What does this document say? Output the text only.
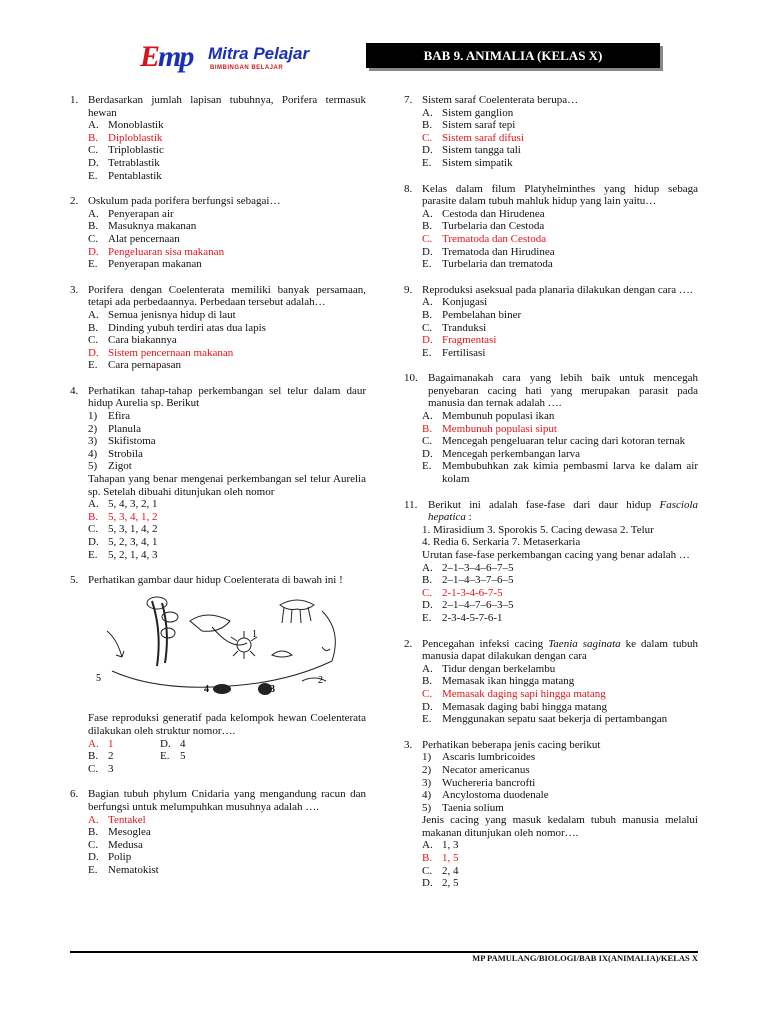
Emp Mitra Pelajar
BIMBINGAN BELAJAR
BAB 9. ANIMALIA (KELAS X)
1. Berdasarkan jumlah lapisan tubuhnya, Porifera termasuk hewan
A. Monoblastik
B. Diploblastik
C. Triploblastic
D. Tetrablastik
E. Pentablastik
2. Oskulum pada porifera berfungsi sebagai…
A. Penyerapan air
B. Masuknya makanan
C. Alat pencernaan
D. Pengeluaran sisa makanan
E. Penyerapan makanan
3. Porifera dengan Coelenterata memiliki banyak persamaan, tetapi ada perbedaannya. Perbedaan tersebut adalah…
A. Semua jenisnya hidup di laut
B. Dinding yubuh terdiri atas dua lapis
C. Cara biakannya
D. Sistem pencernaan makanan
E. Cara pernapasan
4. Perhatikan tahap-tahap perkembangan sel telur dalam daur hidup Aurelia sp. Berikut
1) Efira
2) Planula
3) Skifistoma
4) Strobila
5) Zigot
Tahapan yang benar mengenai perkembangan sel telur Aurelia sp. Setelah dibuahi ditunjukan oleh nomor
A. 5, 4, 3, 2, 1
B. 5, 3, 4, 1, 2
C. 5, 3, 1, 4, 2
D. 5, 2, 3, 4, 1
E. 5, 2, 1, 4, 3
5. Perhatikan gambar daur hidup Coelenterata di bawah ini !
1
2
3
4
5
Fase reproduksi generatif pada kelompok hewan Coelenterata dilakukan oleh struktur nomor….
A. 1	D. 4
B. 2	E. 5
C. 3
6. Bagian tubuh phylum Cnidaria yang mengandung racun dan berfungsi untuk melumpuhkan musuhnya adalah ….
A. Tentakel
B. Mesoglea
C. Medusa
D. Polip
E. Nematokist
7. Sistem saraf Coelenterata berupa…
A. Sistem ganglion
B. Sistem saraf tepi
C. Sistem saraf difusi
D. Sistem tangga tali
E. Sistem simpatik
8. Kelas dalam filum Platyhelminthes yang hidup sebaga parasite dalam tubuh mahluk hidup yang lain yaitu…
A. Cestoda dan Hirudenea
B. Turbelaria dan Cestoda
C. Trematoda dan Cestoda
D. Trematoda dan Hirudinea
E. Turbelaria dan trematoda
9. Reproduksi aseksual pada planaria dilakukan dengan cara ….
A. Konjugasi
B. Pembelahan biner
C. Tranduksi
D. Fragmentasi
E. Fertilisasi
10. Bagaimanakah cara yang lebih baik untuk mencegah penyebaran cacing hati yang merupakan parasit pada manusia dan ternak adalah ….
A. Membunuh populasi ikan
B. Membunuh populasi siput
C. Mencegah pengeluaran telur cacing dari kotoran ternak
D. Mencegah perkembangan larva
E. Membubuhkan zak kimia pembasmi larva ke dalam air kolam
11. Berikut ini adalah fase-fase dari daur hidup Fasciola hepatica :
1. Mirasidium 3. Sporokis 5. Cacing dewasa 2. Telur
4. Redia 6. Serkaria 7. Metaserkaria
Urutan fase-fase perkembangan cacing yang benar adalah …
A. 2–1–3–4–6–7–5
B. 2–1–4–3–7–6–5
C. 2-1-3-4-6-7-5
D. 2–1–4–7–6–3–5
E. 2-3-4-5-7-6-1
2. Pencegahan infeksi cacing Taenia saginata ke dalam tubuh manusia dapat dilakukan dengan cara
A. Tidur dengan berkelambu
B. Memasak ikan hingga matang
C. Memasak daging sapi hingga matang
D. Memasak daging babi hingga matang
E. Menggunakan sepatu saat bekerja di pertambangan
3. Perhatikan beberapa jenis cacing berikut
1) Ascaris lumbricoides
2) Necator americanus
3) Wuchereria bancrofti
4) Ancylostoma duodenale
5) Taenia solium
Jenis cacing yang masuk kedalam tubuh manusia melalui makanan ditunjukan oleh nomor….
A. 1, 3
B. 1, 5
C. 2, 4
D. 2, 5
MP PAMULANG/BIOLOGI/BAB IX(ANIMALIA)/KELAS X
